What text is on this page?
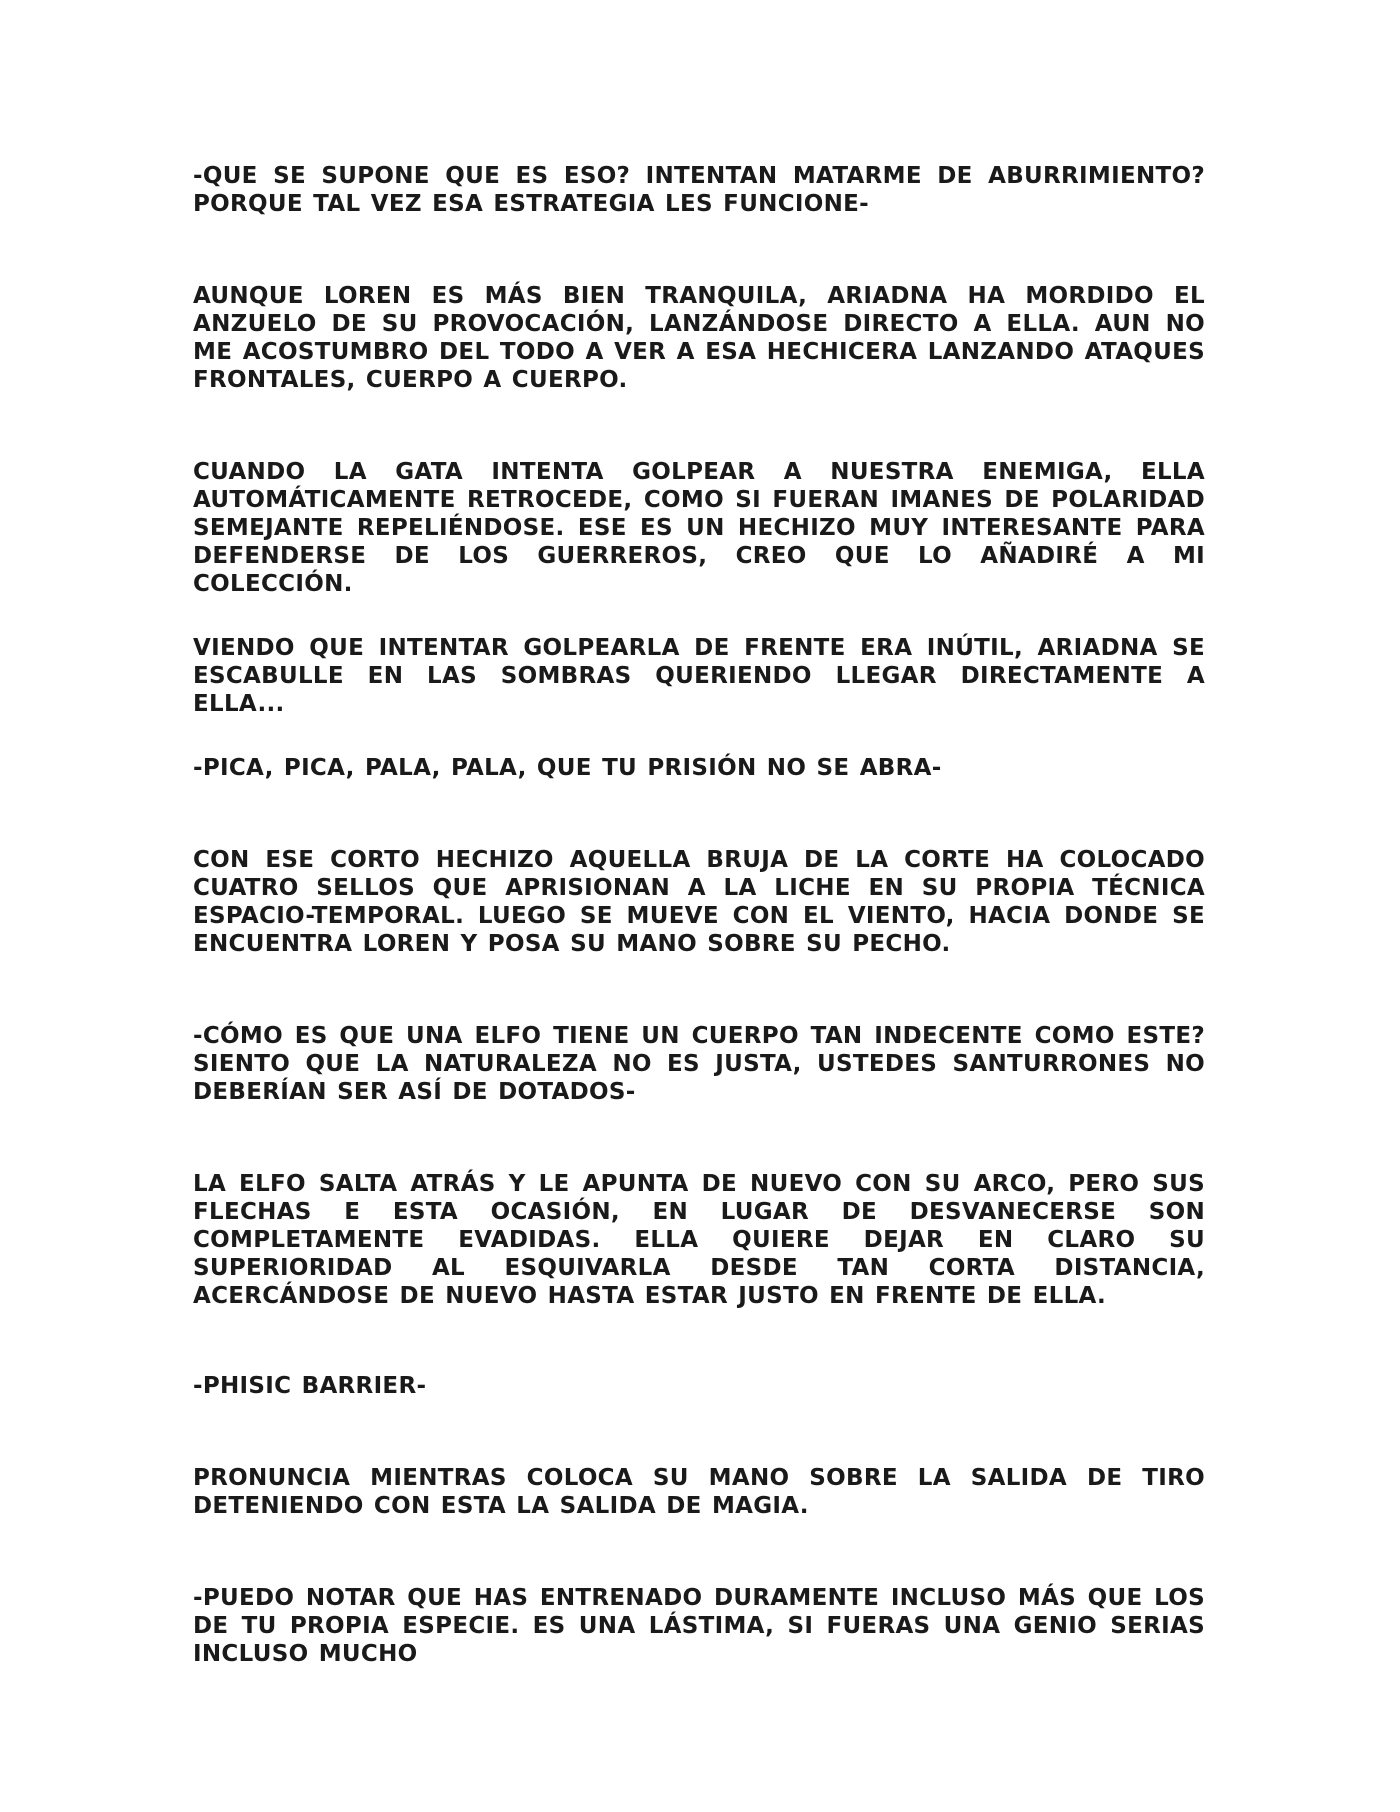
-QUE SE SUPONE QUE ES ESO? INTENTAN MATARME DE ABURRIMIENTO? PORQUE TAL VEZ ESA ESTRATEGIA LES FUNCIONE-

AUNQUE LOREN ES MÁS BIEN TRANQUILA, ARIADNA HA MORDIDO EL ANZUELO DE SU PROVOCACIÓN, LANZÁNDOSE DIRECTO A ELLA. AUN NO ME ACOSTUMBRO DEL TODO A VER A ESA HECHICERA LANZANDO ATAQUES FRONTALES, CUERPO A CUERPO.

CUANDO LA GATA INTENTA GOLPEAR A NUESTRA ENEMIGA, ELLA AUTOMÁTICAMENTE RETROCEDE, COMO SI FUERAN IMANES DE POLARIDAD SEMEJANTE REPELIÉNDOSE. ESE ES UN HECHIZO MUY INTERESANTE PARA DEFENDERSE DE LOS GUERREROS, CREO QUE LO AÑADIRÉ A MI COLECCIÓN.

VIENDO QUE INTENTAR GOLPEARLA DE FRENTE ERA INÚTIL, ARIADNA SE ESCABULLE EN LAS SOMBRAS QUERIENDO LLEGAR DIRECTAMENTE A ELLA...

-PICA, PICA, PALA, PALA, QUE TU PRISIÓN NO SE ABRA-

CON ESE CORTO HECHIZO AQUELLA BRUJA DE LA CORTE HA COLOCADO CUATRO SELLOS QUE APRISIONAN A LA LICHE EN SU PROPIA TÉCNICA ESPACIO-TEMPORAL. LUEGO SE MUEVE CON EL VIENTO, HACIA DONDE SE ENCUENTRA LOREN Y POSA SU MANO SOBRE SU PECHO.

-CÓMO ES QUE UNA ELFO TIENE UN CUERPO TAN INDECENTE COMO ESTE? SIENTO QUE LA NATURALEZA NO ES JUSTA, USTEDES SANTURRONES NO DEBERÍAN SER ASÍ DE DOTADOS-

LA ELFO SALTA ATRÁS Y LE APUNTA DE NUEVO CON SU ARCO, PERO SUS FLECHAS E ESTA OCASIÓN, EN LUGAR DE DESVANECERSE SON COMPLETAMENTE EVADIDAS. ELLA QUIERE DEJAR EN CLARO SU SUPERIORIDAD AL ESQUIVARLA DESDE TAN CORTA DISTANCIA, ACERCÁNDOSE DE NUEVO HASTA ESTAR JUSTO EN FRENTE DE ELLA.

-PHISIC BARRIER-

PRONUNCIA MIENTRAS COLOCA SU MANO SOBRE LA SALIDA DE TIRO DETENIENDO CON ESTA LA SALIDA DE MAGIA.

-PUEDO NOTAR QUE HAS ENTRENADO DURAMENTE INCLUSO MÁS QUE LOS DE TU PROPIA ESPECIE. ES UNA LÁSTIMA, SI FUERAS UNA GENIO SERIAS INCLUSO MUCHO
